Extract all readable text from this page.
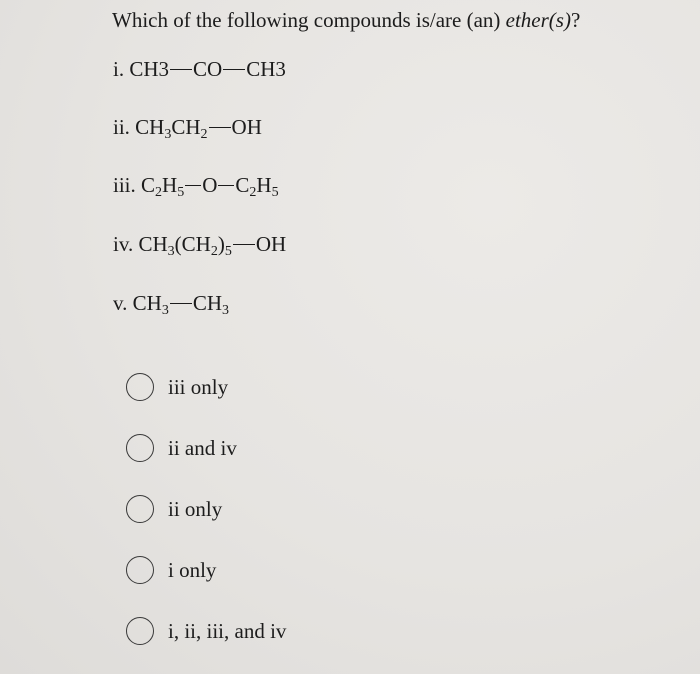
Which of the following compounds is/are (an) ether(s)?
i. CH3 CO CH3
ii. $CH_3CH_2$ OH
iii. $C_2H_5$ O $C_2H_5$
iv. $CH_3(CH_2)_5$ OH
v. $CH_3$ $CH_3$
iii only
ii and iv
ii only
i only
i, ii, iii, and iv
